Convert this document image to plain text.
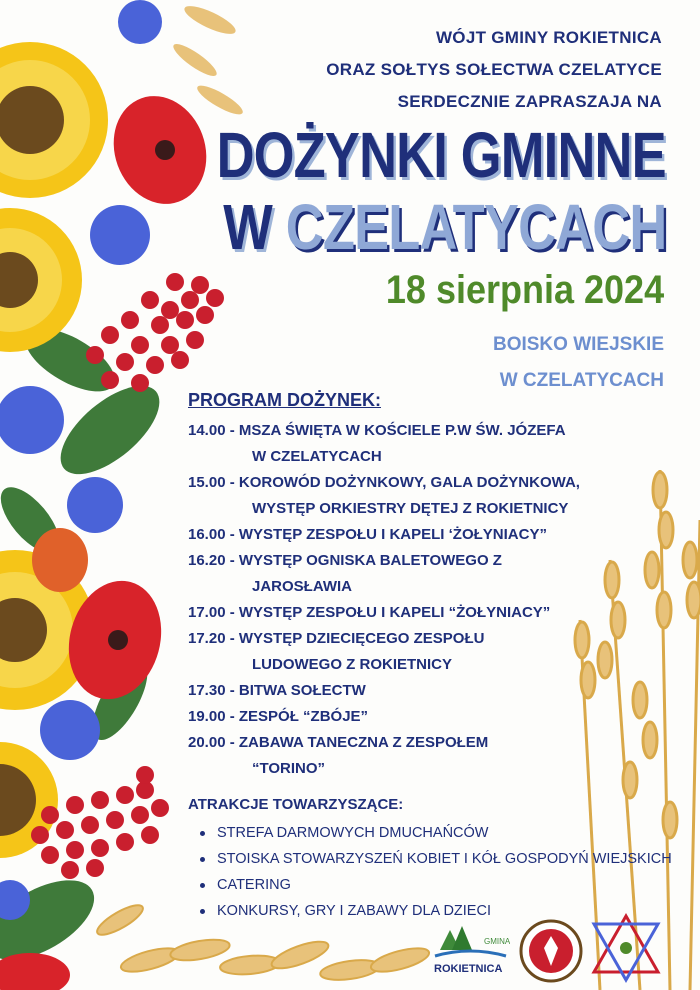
WÓJT GMINY ROKIETNICA
ORAZ SOŁTYS SOŁECTWA CZELATYCE
SERDECZNIE ZAPRASZAJA NA
DOŻYNKI GMINNE
W CZELATYCACH
18 sierpnia 2024
BOISKO WIEJSKIE
W CZELATYCACH
PROGRAM DOŻYNEK:
14.00 - MSZA ŚWIĘTA W KOŚCIELE P.W ŚW. JÓZEFA
W CZELATYCACH
15.00 - KOROWÓD DOŻYNKOWY, GALA DOŻYNKOWA,
WYSTĘP ORKIESTRY DĘTEJ Z ROKIETNICY
16.00 - WYSTĘP ZESPOŁU I KAPELI ‘ŻOŁYNIACY”
16.20 - WYSTĘP OGNISKA BALETOWEGO Z
JAROSŁAWIA
17.00 - WYSTĘP ZESPOŁU I KAPELI “ŻOŁYNIACY”
17.20 - WYSTĘP DZIECIĘCEGO ZESPOŁU
LUDOWEGO Z ROKIETNICY
17.30 - BITWA SOŁECTW
19.00 - ZESPÓŁ “ZBÓJE”
20.00 - ZABAWA TANECZNA Z ZESPOŁEM
“TORINO”
ATRAKCJE TOWARZYSZĄCE:
STREFA DARMOWYCH DMUCHAŃCÓW
STOISKA STOWARZYSZEŃ KOBIET I KÓŁ GOSPODYŃ WIEJSKICH
CATERING
KONKURSY, GRY I ZABAWY DLA DZIECI
GMINA
ROKIETNICA
